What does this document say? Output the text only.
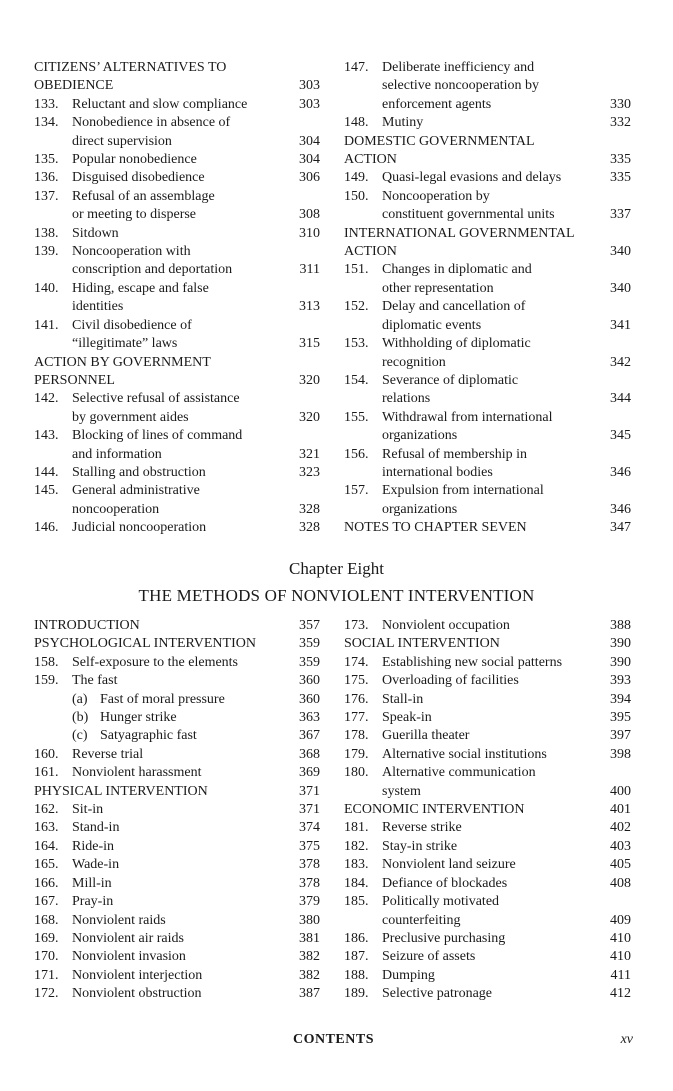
CITIZENS’ ALTERNATIVES TO
OBEDIENCE	303
133. Reluctant and slow compliance	303
134. Nonobedience in absence of
direct supervision	304
135. Popular nonobedience	304
136. Disguised disobedience	306
137. Refusal of an assemblage
or meeting to disperse	308
138. Sitdown	310
139. Noncooperation with
conscription and deportation	311
140. Hiding, escape and false
identities	313
141. Civil disobedience of
“illegitimate” laws	315
ACTION BY GOVERNMENT
PERSONNEL	320
142. Selective refusal of assistance
by government aides	320
143. Blocking of lines of command
and information	321
144. Stalling and obstruction	323
145. General administrative
noncooperation	328
146. Judicial noncooperation	328
147. Deliberate inefficiency and
selective noncooperation by
enforcement agents	330
148. Mutiny	332
DOMESTIC GOVERNMENTAL
ACTION	335
149. Quasi-legal evasions and delays	335
150. Noncooperation by
constituent governmental units	337
INTERNATIONAL GOVERNMENTAL
ACTION	340
151. Changes in diplomatic and
other representation	340
152. Delay and cancellation of
diplomatic events	341
153. Withholding of diplomatic
recognition	342
154. Severance of diplomatic
relations	344
155. Withdrawal from international
organizations	345
156. Refusal of membership in
international bodies	346
157. Expulsion from international
organizations	346
NOTES TO CHAPTER SEVEN	347
Chapter Eight
THE METHODS OF NONVIOLENT INTERVENTION
INTRODUCTION	357
PSYCHOLOGICAL INTERVENTION	359
158. Self-exposure to the elements	359
159. The fast	360
(a) Fast of moral pressure	360
(b) Hunger strike	363
(c) Satyagraphic fast	367
160. Reverse trial	368
161. Nonviolent harassment	369
PHYSICAL INTERVENTION	371
162. Sit-in	371
163. Stand-in	374
164. Ride-in	375
165. Wade-in	378
166. Mill-in	378
167. Pray-in	379
168. Nonviolent raids	380
169. Nonviolent air raids	381
170. Nonviolent invasion	382
171. Nonviolent interjection	382
172. Nonviolent obstruction	387
173. Nonviolent occupation	388
SOCIAL INTERVENTION	390
174. Establishing new social patterns	390
175. Overloading of facilities	393
176. Stall-in	394
177. Speak-in	395
178. Guerilla theater	397
179. Alternative social institutions	398
180. Alternative communication
system	400
ECONOMIC INTERVENTION	401
181. Reverse strike	402
182. Stay-in strike	403
183. Nonviolent land seizure	405
184. Defiance of blockades	408
185. Politically motivated
counterfeiting	409
186. Preclusive purchasing	410
187. Seizure of assets	410
188. Dumping	411
189. Selective patronage	412
CONTENTS	xv
